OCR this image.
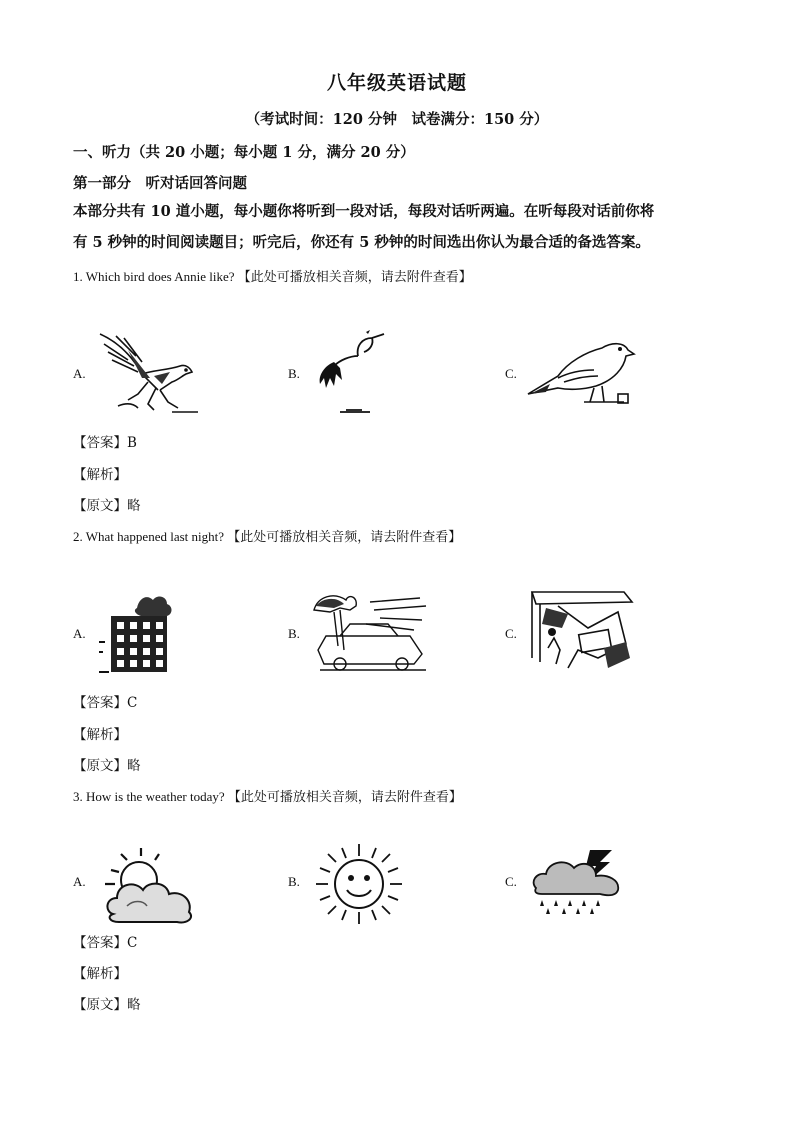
八年级英语试题
（考试时间：120 分钟　试卷满分：150 分）
一、听力（共 20 小题；每小题 1 分，满分 20 分）
第一部分　听对话回答问题
本部分共有 10 道小题，每小题你将听到一段对话，每段对话听两遍。在听每段对话前你将
有 5 秒钟的时间阅读题目；听完后，你还有 5 秒钟的时间选出你认为最合适的备选答案。
1. Which bird does Annie like? 【此处可播放相关音频，请去附件查看】
A.	B.	C.
【答案】B
【解析】
【原文】略
2. What happened last night? 【此处可播放相关音频，请去附件查看】
A.	B.	C.
【答案】C
【解析】
【原文】略
3. How is the weather today? 【此处可播放相关音频，请去附件查看】
A.	B.	C.
【答案】C
【解析】
【原文】略
